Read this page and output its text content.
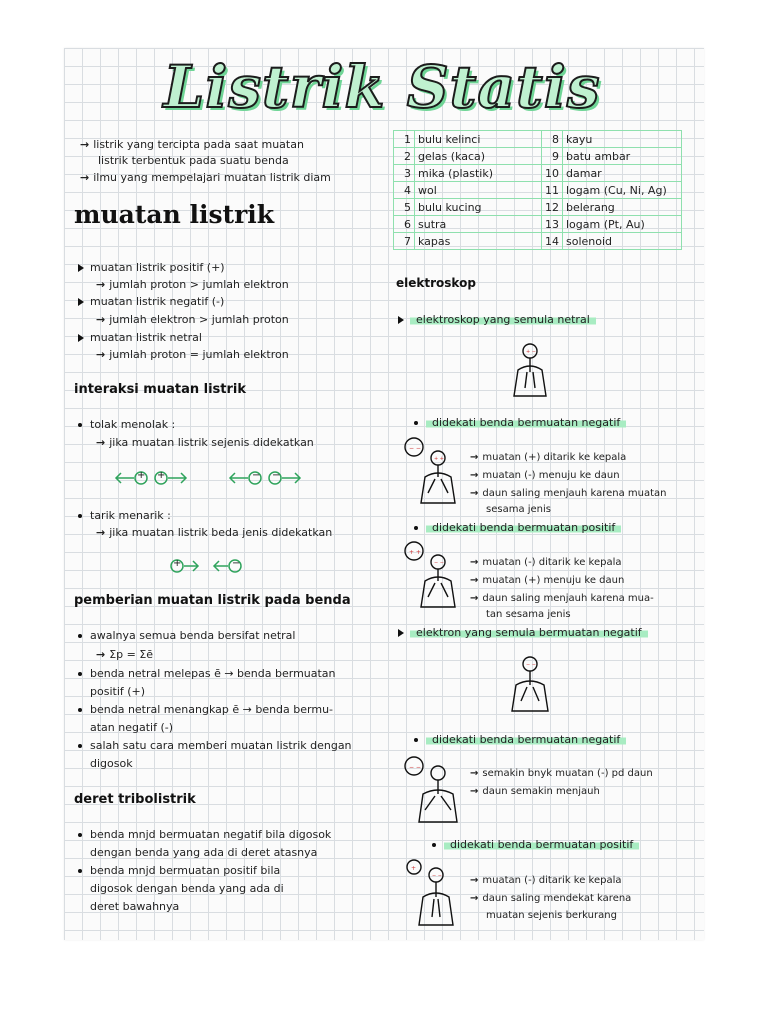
Listrik Statis
→ listrik yang tercipta pada saat muatan
listrik terbentuk pada suatu benda
→ ilmu yang mempelajari muatan listrik diam
muatan listrik
muatan listrik positif (+)
→ jumlah proton > jumlah elektron
muatan listrik negatif (-)
→ jumlah elektron > jumlah proton
muatan listrik netral
→ jumlah proton = jumlah elektron
interaksi muatan listrik
tolak menolak :
→ jika muatan listrik sejenis didekatkan
+ +	− −
tarik menarik :
→ jika muatan listrik beda jenis didekatkan
+	−
pemberian muatan listrik pada benda
awalnya semua benda bersifat netral
→ Σp = Σē
benda netral melepas ē → benda bermuatan
positif (+)
benda netral menangkap ē → benda bermu-
atan negatif (-)
salah satu cara memberi muatan listrik dengan
digosok
deret tribolistrik
benda mnjd bermuatan negatif bila digosok
dengan benda yang ada di deret atasnya
benda mnjd bermuatan positif bila
digosok dengan benda yang ada di
deret bawahnya
1	bulu kelinci	8	kayu
2	gelas (kaca)	9	batu ambar
3	mika (plastik)	10	damar
4	wol	11	logam (Cu, Ni, Ag)
5	bulu kucing	12	belerang
6	sutra	13	logam (Pt, Au)
7	kapas	14	solenoid
elektroskop
elektroskop yang semula netral
+ −
didekati benda bermuatan negatif
− −
+ +	→ muatan (+) ditarik ke kepala
→ muatan (-) menuju ke daun
→ daun saling menjauh karena muatan
sesama jenis
didekati benda bermuatan positif
+ +
− −	→ muatan (-) ditarik ke kepala
→ muatan (+) menuju ke daun
→ daun saling menjauh karena mua-
tan sesama jenis
elektron yang semula bermuatan negatif
− −
didekati benda bermuatan negatif
− −
→ semakin bnyk muatan (-) pd daun
→ daun semakin menjauh
didekati benda bermuatan positif
+
− −	→ muatan (-) ditarik ke kepala
→ daun saling mendekat karena
muatan sejenis berkurang
